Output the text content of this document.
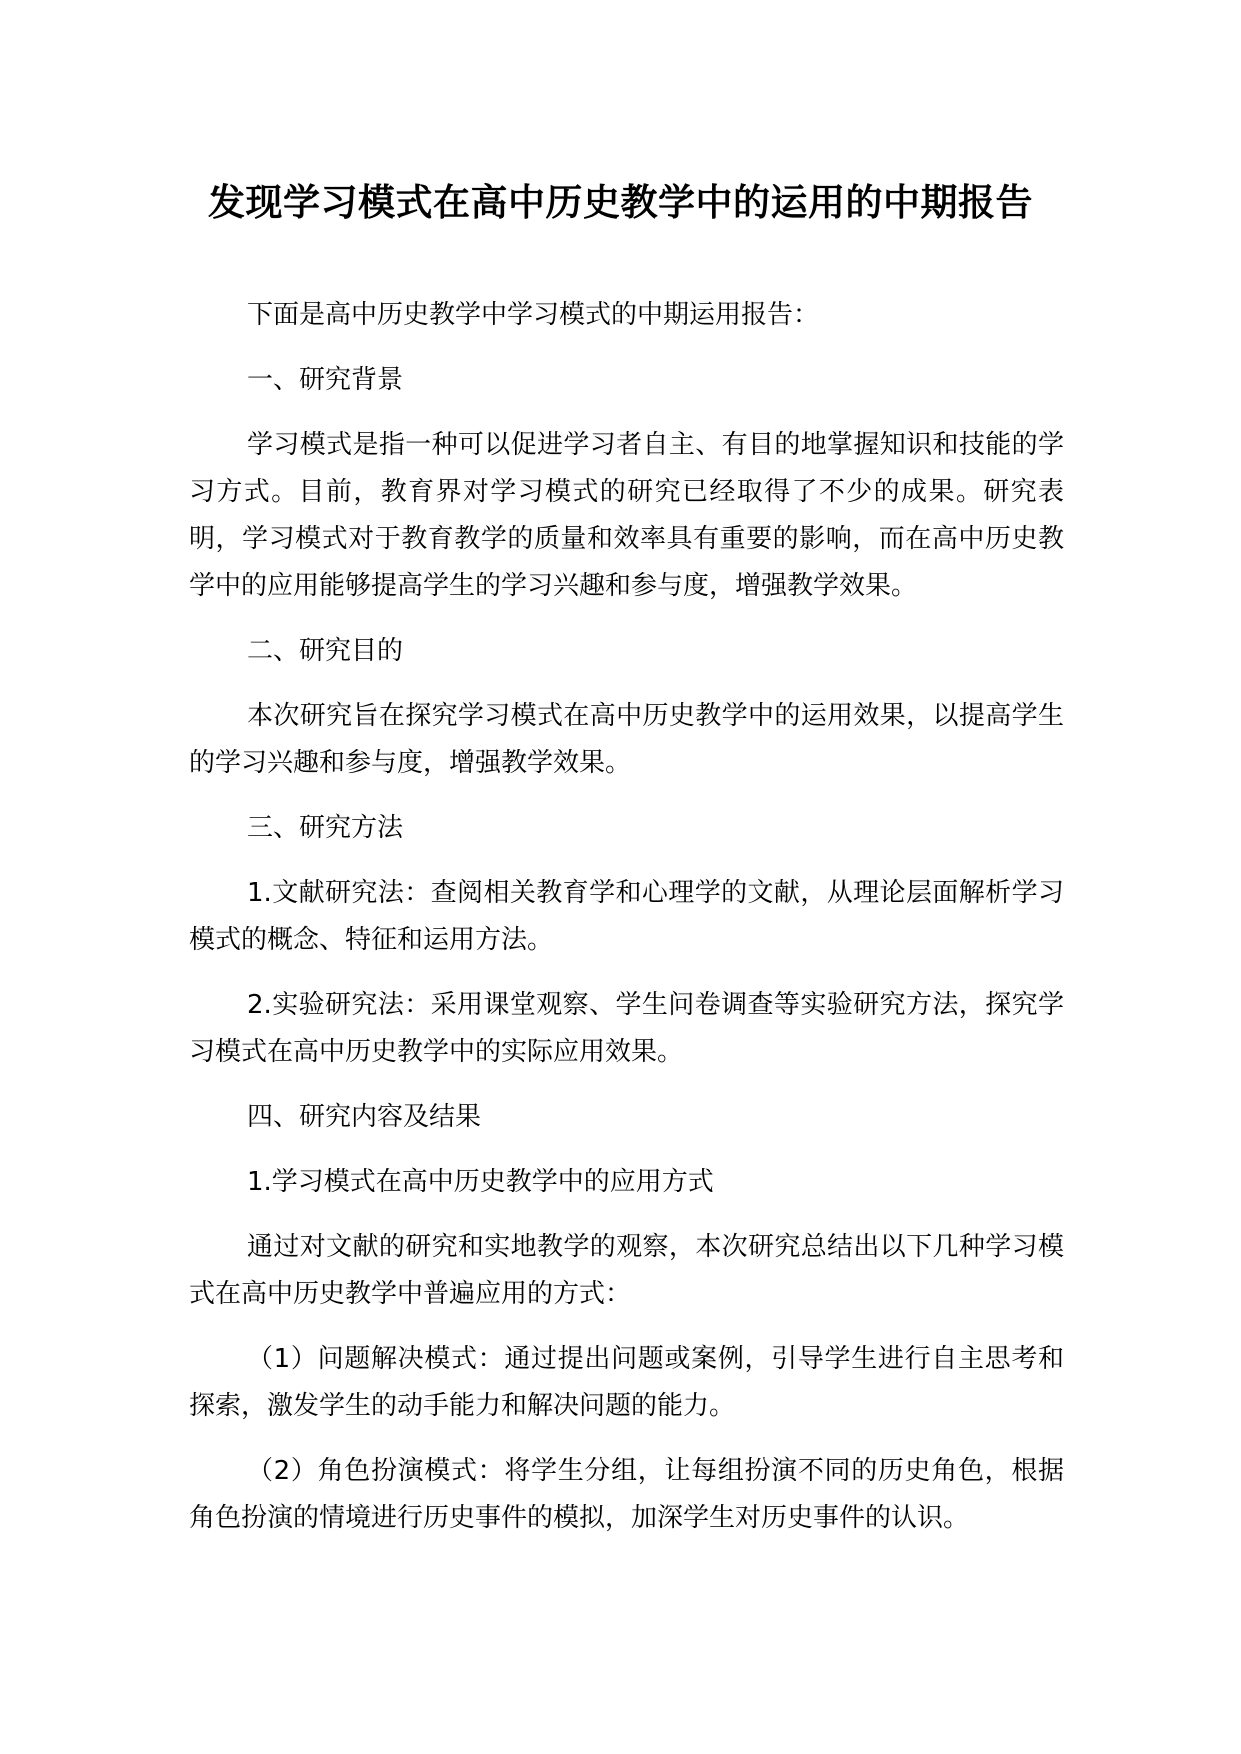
发现学习模式在高中历史教学中的运用的中期报告

下面是高中历史教学中学习模式的中期运用报告：

一、研究背景

学习模式是指一种可以促进学习者自主、有目的地掌握知识和技能的学习方式。目前，教育界对学习模式的研究已经取得了不少的成果。研究表明，学习模式对于教育教学的质量和效率具有重要的影响，而在高中历史教学中的应用能够提高学生的学习兴趣和参与度，增强教学效果。

二、研究目的

本次研究旨在探究学习模式在高中历史教学中的运用效果，以提高学生的学习兴趣和参与度，增强教学效果。

三、研究方法

1.文献研究法：查阅相关教育学和心理学的文献，从理论层面解析学习模式的概念、特征和运用方法。

2.实验研究法：采用课堂观察、学生问卷调查等实验研究方法，探究学习模式在高中历史教学中的实际应用效果。

四、研究内容及结果

1.学习模式在高中历史教学中的应用方式

通过对文献的研究和实地教学的观察，本次研究总结出以下几种学习模式在高中历史教学中普遍应用的方式：

（1）问题解决模式：通过提出问题或案例，引导学生进行自主思考和探索，激发学生的动手能力和解决问题的能力。

（2）角色扮演模式：将学生分组，让每组扮演不同的历史角色，根据角色扮演的情境进行历史事件的模拟，加深学生对历史事件的认识。
